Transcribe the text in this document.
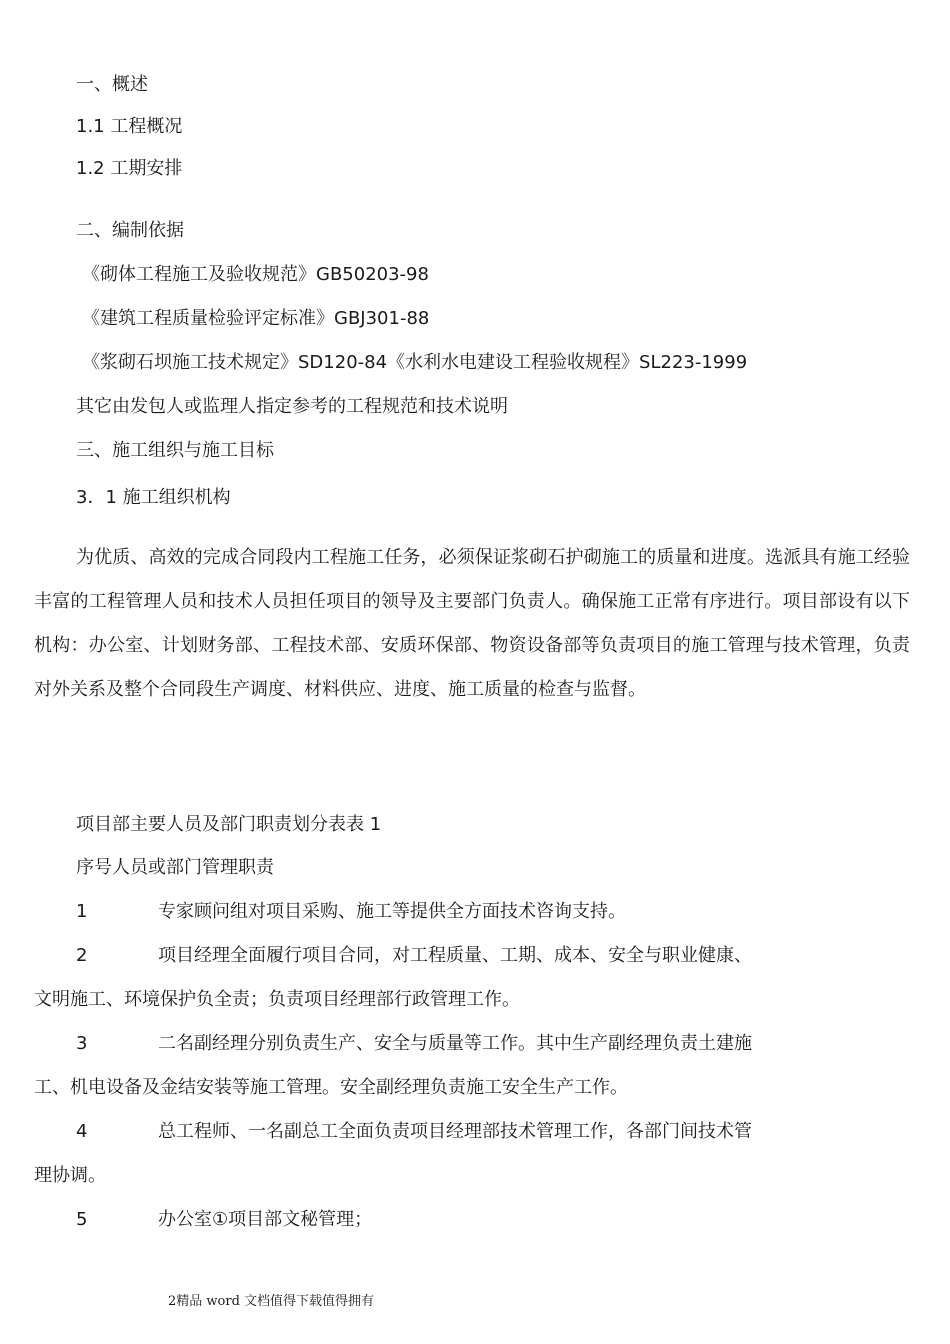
一、概述
1.1 工程概况
1.2 工期安排
二、编制依据
《砌体工程施工及验收规范》GB50203-98
《建筑工程质量检验评定标准》GBJ301-88
《浆砌石坝施工技术规定》SD120-84《水利水电建设工程验收规程》SL223-1999
其它由发包人或监理人指定参考的工程规范和技术说明
三、施工组织与施工目标
3．1 施工组织机构
为优质、高效的完成合同段内工程施工任务，必须保证浆砌石护砌施工的质量和进度。选派具有施工经验丰富的工程管理人员和技术人员担任项目的领导及主要部门负责人。确保施工正常有序进行。项目部设有以下机构：办公室、计划财务部、工程技术部、安质环保部、物资设备部等负责项目的施工管理与技术管理，负责对外关系及整个合同段生产调度、材料供应、进度、施工质量的检查与监督。
项目部主要人员及部门职责划分表表 1
序号人员或部门管理职责
1	专家顾问组对项目采购、施工等提供全方面技术咨询支持。
2	项目经理全面履行项目合同，对工程质量、工期、成本、安全与职业健康、
文明施工、环境保护负全责；负责项目经理部行政管理工作。
3	二名副经理分别负责生产、安全与质量等工作。其中生产副经理负责土建施
工、机电设备及金结安装等施工管理。安全副经理负责施工安全生产工作。
4	总工程师、一名副总工全面负责项目经理部技术管理工作，各部门间技术管
理协调。
5	办公室①项目部文秘管理；
2精品 word 文档值得下载值得拥有
